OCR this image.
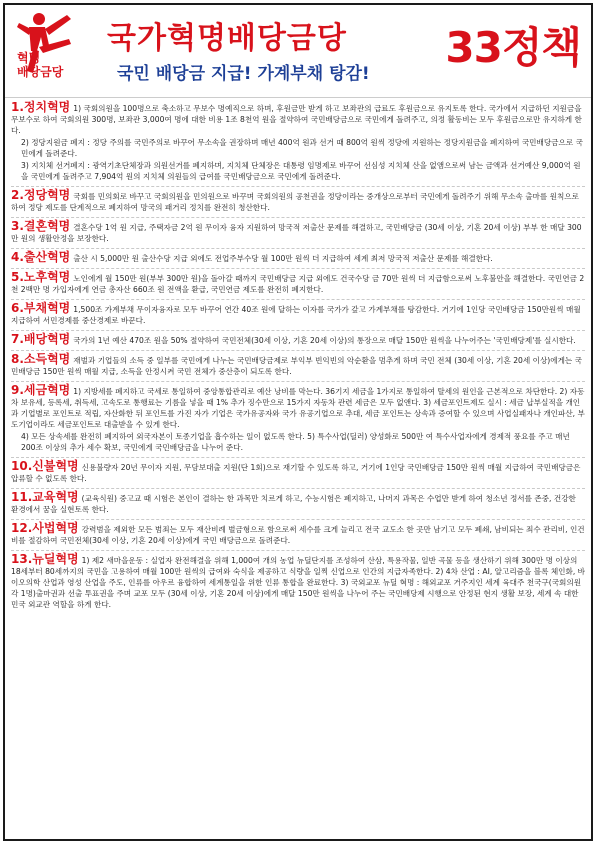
혁명
배당금당
국가혁명배당금당
국민 배당금 지급! 가계부채 탕감!
33정책

1.정치혁명 1) 국회의원을 100명으로 축소하고 무보수 명예직으로 하며, 후원금만 받게 하고 보좌관의 급료도 후원금으로 유지토록 한다. 국가에서 지급하던 지원금을 무보수로 하여 국회의원 300명, 보좌관 3,000여 명에 대한 비용 1조 8천억 원을 절약하여 국민배당금으로 국민에게 돌려주고, 의정 활동비는 모두 후원금으로만 유지하게 한다.

2) 정당지원금 폐지 : 정당 주의를 국민주의로 바꾸어 무소속을 권장하며 매년 400억 원과 선거 때 800억 원씩 정당에 지원하는 정당지원금을 폐지하여 국민배당금으로 국민에게 돌려준다.

3) 지치체 선거폐지 : 광역기초단체장과 의원선거를 폐지하며, 지치체 단체장은 대통령 임명제로 바꾸어 선심성 지치체 산을 없앰으로써 남는 금액과 선거예산 9,000억 원을 국민에게 돌려주고 7,904억 원의 지치체 의원들의 급여를 국민배당금으로 국민에게 돌려준다.

2.정당혁명 국회를 민의회로 바꾸고 국회의원을 민의원으로 바꾸며 국회의원의 공천권을 정당이라는 중개상으로부터 국민에게 돌려주기 위해 무소속 출마를 원칙으로 하여 정당 제도를 단계적으로 폐지하여 망국의 패거리 정치를 완전히 청산한다.

3.결혼혁명 결혼수당 1억 원 지급, 주택자금 2억 원 무이자 융자 지원하여 망국적 저출산 문제를 해결하고, 국민배당금 (30세 이상, 기혼 20세 이상) 부부 한 매달 300만 원의 생활안정을 보장한다.

4.출산혁명 출산 시 5,000만 원 출산수당 지급 외에도 전업주부수당 월 100만 원씩 더 지급하여 세계 최저 망국적 저출산 문제를 해결한다.

5.노후혁명 노인에게 월 150만 원(부부 300만 원)을 돌아갈 때까지 국민배당금 지급 외에도 건국수당 금 70만 원씩 더 지급함으로써 노후불안을 해결한다. 국민연금 2천 2백만 명 가입자에게 연금 총자산 660조 원 전액을 환급, 국민연금 제도를 완전히 폐지한다.

6.부채혁명 1,500조 가계부채 무이자융자로 모두 바꾸어 연간 40조 원에 달하는 이자를 국가가 갚고 가계부채를 탕감한다. 거기에 1인당 국민배당금 150만원씩 매월 지급하여 서민경제를 중산경제로 바꾼다.

7.배당혁명 국가의 1년 예산 470조 원을 50% 절약하여 국민전체(30세 이상, 기혼 20세 이상)의 통장으로 매달 150만 원씩을 나누어주는 '국민배당제'를 실시한다.

8.소득혁명 재벌과 기업들의 소득 중 일부를 국민에게 나누는 국민배당금제로 부익부 빈익빈의 악순환을 멈추게 하며 국민 전체 (30세 이상, 기혼 20세 이상)에게는 국민배당금 150만 원씩 매월 지급, 소득을 안정시켜 국민 전체가 중산층이 되도록 한다.

9.세금혁명 1) 지방세를 폐지하고 국세로 통일하여 중앙통합관리로 예산 낭비를 막는다. 36기지 세금을 1가지로 통일하여 탈세의 원인을 근본적으로 차단한다. 2) 자동차 보유세, 등록세, 취득세, 고속도로 통행료는 기름을 넣을 때 1% 추가 징수만으로 15가지 자동차 관련 세금은 모두 없앤다. 3) 세금포인트제도 실시 : 세금 납부실적을 개인과 기업별로 포인트로 적립, 자산화한 뒤 포인트를 가진 자가 기업은 국가유공자와 국가 유공기업으로 추대, 세금 포인트는 상속과 증여할 수 있으며 사업실패자나 개인파산, 부도기업이라도 세금포인트로 대출받을 수 있게 한다.

4) 모든 상속세를 완전히 폐지하여 외국자본이 토종기업을 흡수하는 일이 없도록 한다. 5) 특수사업(딜러) 양성화로 500만 여 특수사업자에게 경제적 풍요를 주고 매년 200조 이상의 추가 세수 확보, 국민에게 국민배당금을 나누어 준다.

10.신불혁명 신용불량자 20년 무이자 지원, 무담보대출 지원(단 1회)으로 재기할 수 있도록 하고, 거기에 1인당 국민배당금 150만 원씩 매월 지급하여 국민배당금은 압류할 수 없도록 한다.

11.교육혁명 (교육식원) 중고교 때 시험은 본인이 결하는 한 과목만 치르게 하고, 수능시험은 폐지하고, 나머지 과목은 수업만 받게 하여 청소년 정서를 존중, 건강한 환경에서 꿈을 실현토록 한다.

12.사법혁명 강력범을 제외한 모든 범죄는 모두 재산비례 벌금형으로 함으로써 세수를 크게 늘리고 전국 교도소 한 곳만 남기고 모두 폐쇄, 남비되는 죄수 관리비, 인건비를 절감하여 국민전체(30세 이상, 기혼 20세 이상)에게 국민 배당금으로 돌려준다.

13.뉴딜혁명 1) 제2 새마을운동 : 실업자 완전해결을 위해 1,000여 개의 농업 뉴딜단지를 조성하여 산삼, 특용작물, 일반 곡물 등을 생산하기 위해 300만 명 이상의 18세부터 80세까지의 국민을 고용하여 매월 100만 원씩의 급여와 숙식을 제공하고 식량을 일찍 신업으로 인간의 지급자족한다. 2) 4차 산업 : AI, 알고리즘을 블록 체인화, 바이오의학 산업과 영성 산업을 주도, 인류를 아우르 융합하여 세계통일을 위한 인류 통합을 완료한다. 3) 국외교포 뉴딜 혁명 : 해외교포 거주지인 세계 육대주 천국구(국회의원 각 1명)출마권과 선출 투표권을 주며 교포 모두 (30세 이상, 기혼 20세 이상)에게 매달 150만 원씩을 나누어 주는 국민배당제 시행으로 안정된 현지 생활 보장, 세계 속 대한민국 외교관 역할을 하게 한다.
